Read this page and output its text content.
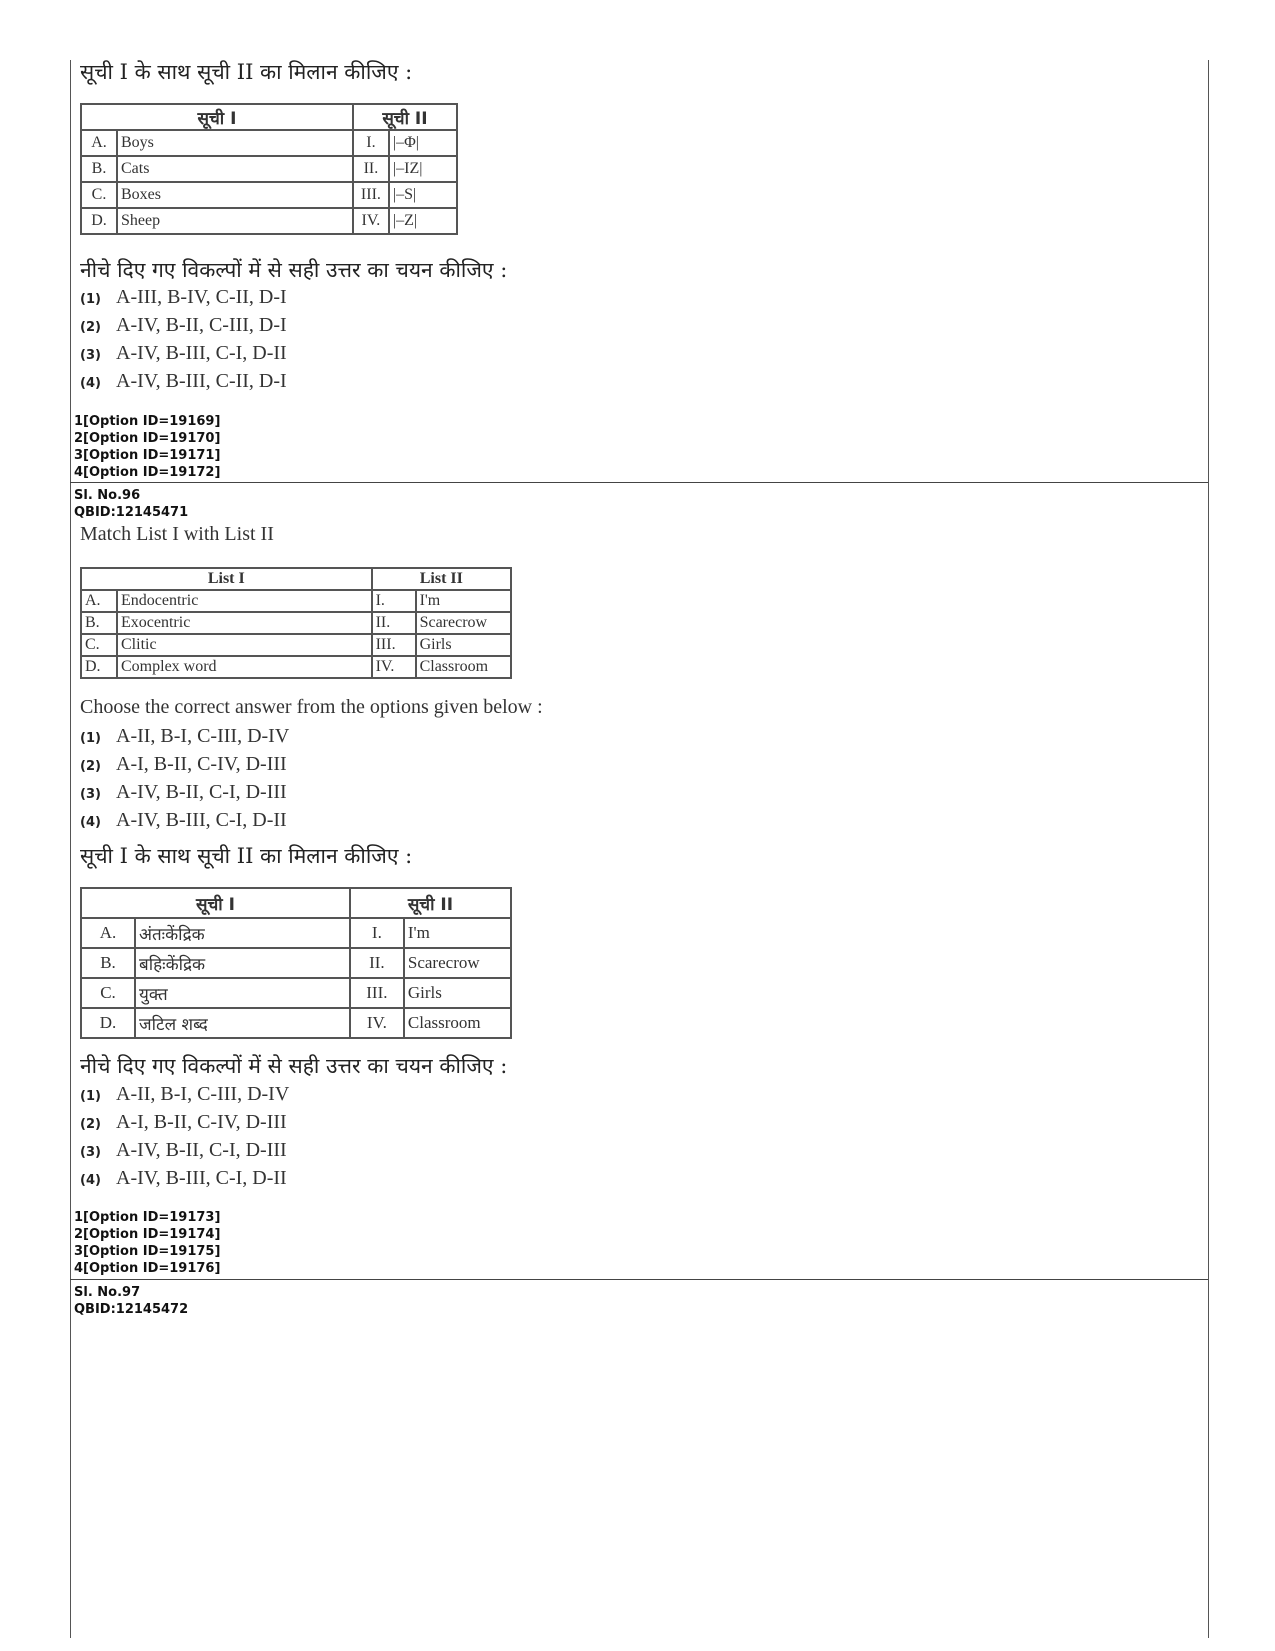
सूची I के साथ सूची II का मिलान कीजिए :
सूची I		सूची II	
A.	Boys	I.	|–Φ|
B.	Cats	II.	|–IZ|
C.	Boxes	III.	|–S|
D.	Sheep	IV.	|–Z|
नीचे दिए गए विकल्पों में से सही उत्तर का चयन कीजिए :
(1) A-III, B-IV, C-II, D-I
(2) A-IV, B-II, C-III, D-I
(3) A-IV, B-III, C-I, D-II
(4) A-IV, B-III, C-II, D-I
1[Option ID=19169]
2[Option ID=19170]
3[Option ID=19171]
4[Option ID=19172]
Sl. No.96
QBID:12145471
Match List I with List II
List I		List II	
A.	Endocentric	I.	I'm
B.	Exocentric	II.	Scarecrow
C.	Clitic	III.	Girls
D.	Complex word	IV.	Classroom
Choose the correct answer from the options given below :
(1) A-II, B-I, C-III, D-IV
(2) A-I, B-II, C-IV, D-III
(3) A-IV, B-II, C-I, D-III
(4) A-IV, B-III, C-I, D-II
सूची I के साथ सूची II का मिलान कीजिए :
सूची I		सूची II	
A.	अंतःकेंद्रिक	I.	I'm
B.	बहिःकेंद्रिक	II.	Scarecrow
C.	युक्त	III.	Girls
D.	जटिल शब्द	IV.	Classroom
नीचे दिए गए विकल्पों में से सही उत्तर का चयन कीजिए :
(1) A-II, B-I, C-III, D-IV
(2) A-I, B-II, C-IV, D-III
(3) A-IV, B-II, C-I, D-III
(4) A-IV, B-III, C-I, D-II
1[Option ID=19173]
2[Option ID=19174]
3[Option ID=19175]
4[Option ID=19176]
Sl. No.97
QBID:12145472
